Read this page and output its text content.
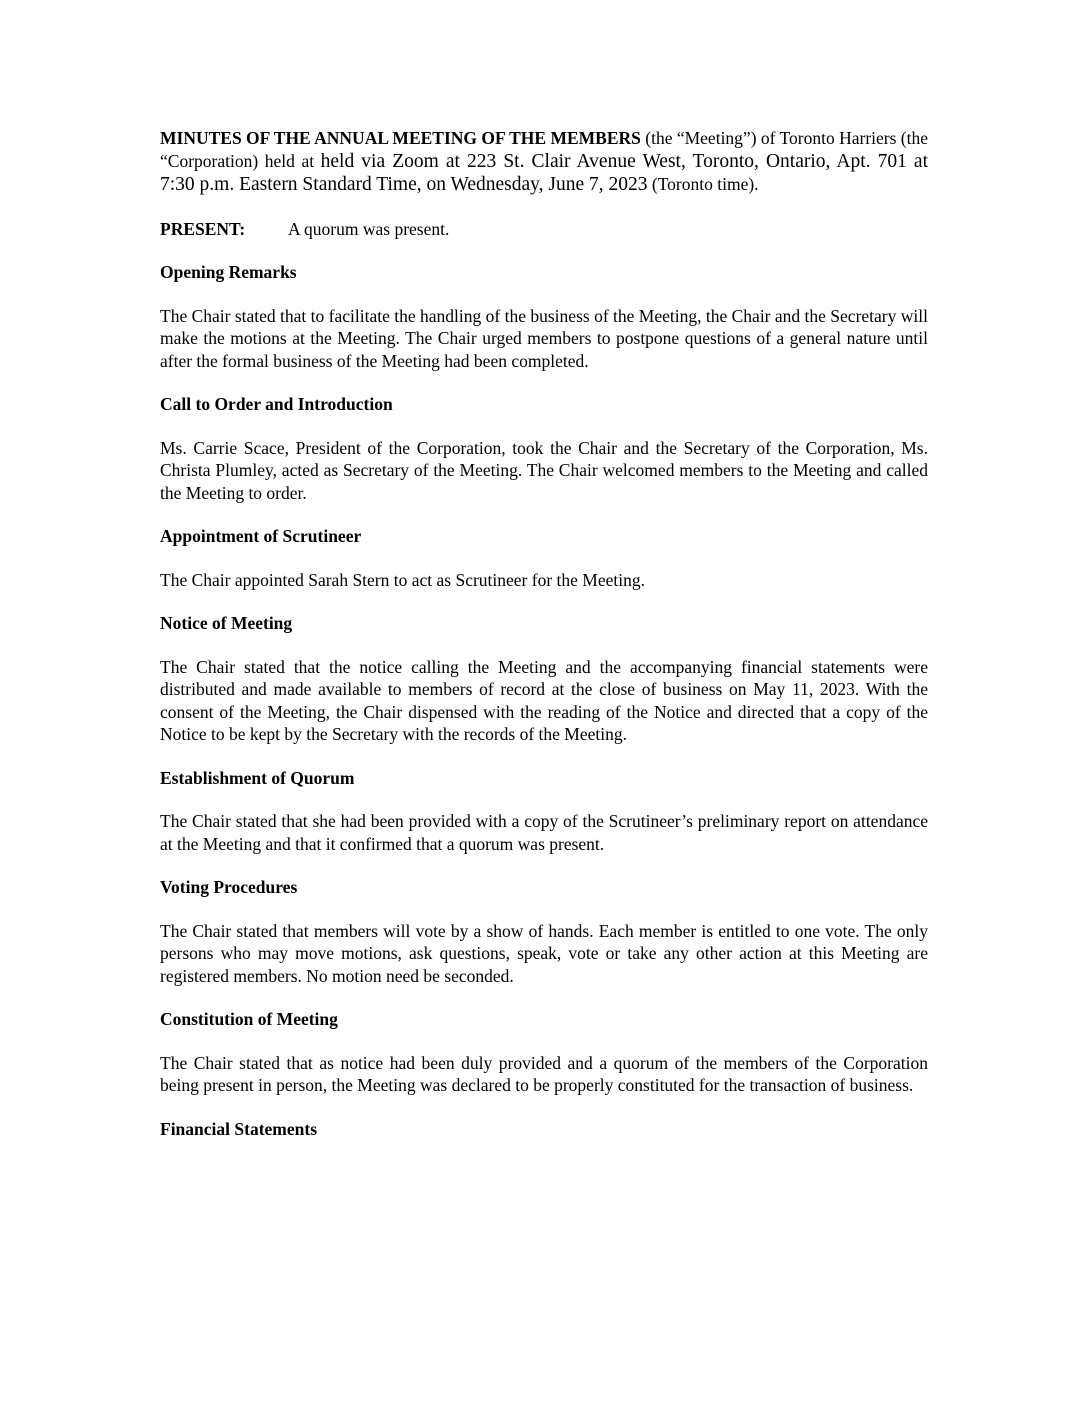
MINUTES OF THE ANNUAL MEETING OF THE MEMBERS (the “Meeting”) of Toronto Harriers (the “Corporation) held at held via Zoom at 223 St. Clair Avenue West, Toronto, Ontario, Apt. 701 at 7:30 p.m. Eastern Standard Time, on Wednesday, June 7, 2023 (Toronto time).

PRESENT: A quorum was present.

Opening Remarks

The Chair stated that to facilitate the handling of the business of the Meeting, the Chair and the Secretary will make the motions at the Meeting. The Chair urged members to postpone questions of a general nature until after the formal business of the Meeting had been completed.

Call to Order and Introduction

Ms. Carrie Scace, President of the Corporation, took the Chair and the Secretary of the Corporation, Ms. Christa Plumley, acted as Secretary of the Meeting. The Chair welcomed members to the Meeting and called the Meeting to order.

Appointment of Scrutineer

The Chair appointed Sarah Stern to act as Scrutineer for the Meeting.

Notice of Meeting

The Chair stated that the notice calling the Meeting and the accompanying financial statements were distributed and made available to members of record at the close of business on May 11, 2023. With the consent of the Meeting, the Chair dispensed with the reading of the Notice and directed that a copy of the Notice to be kept by the Secretary with the records of the Meeting.

Establishment of Quorum

The Chair stated that she had been provided with a copy of the Scrutineer’s preliminary report on attendance at the Meeting and that it confirmed that a quorum was present.

Voting Procedures

The Chair stated that members will vote by a show of hands. Each member is entitled to one vote. The only persons who may move motions, ask questions, speak, vote or take any other action at this Meeting are registered members. No motion need be seconded.

Constitution of Meeting

The Chair stated that as notice had been duly provided and a quorum of the members of the Corporation being present in person, the Meeting was declared to be properly constituted for the transaction of business.

Financial Statements
